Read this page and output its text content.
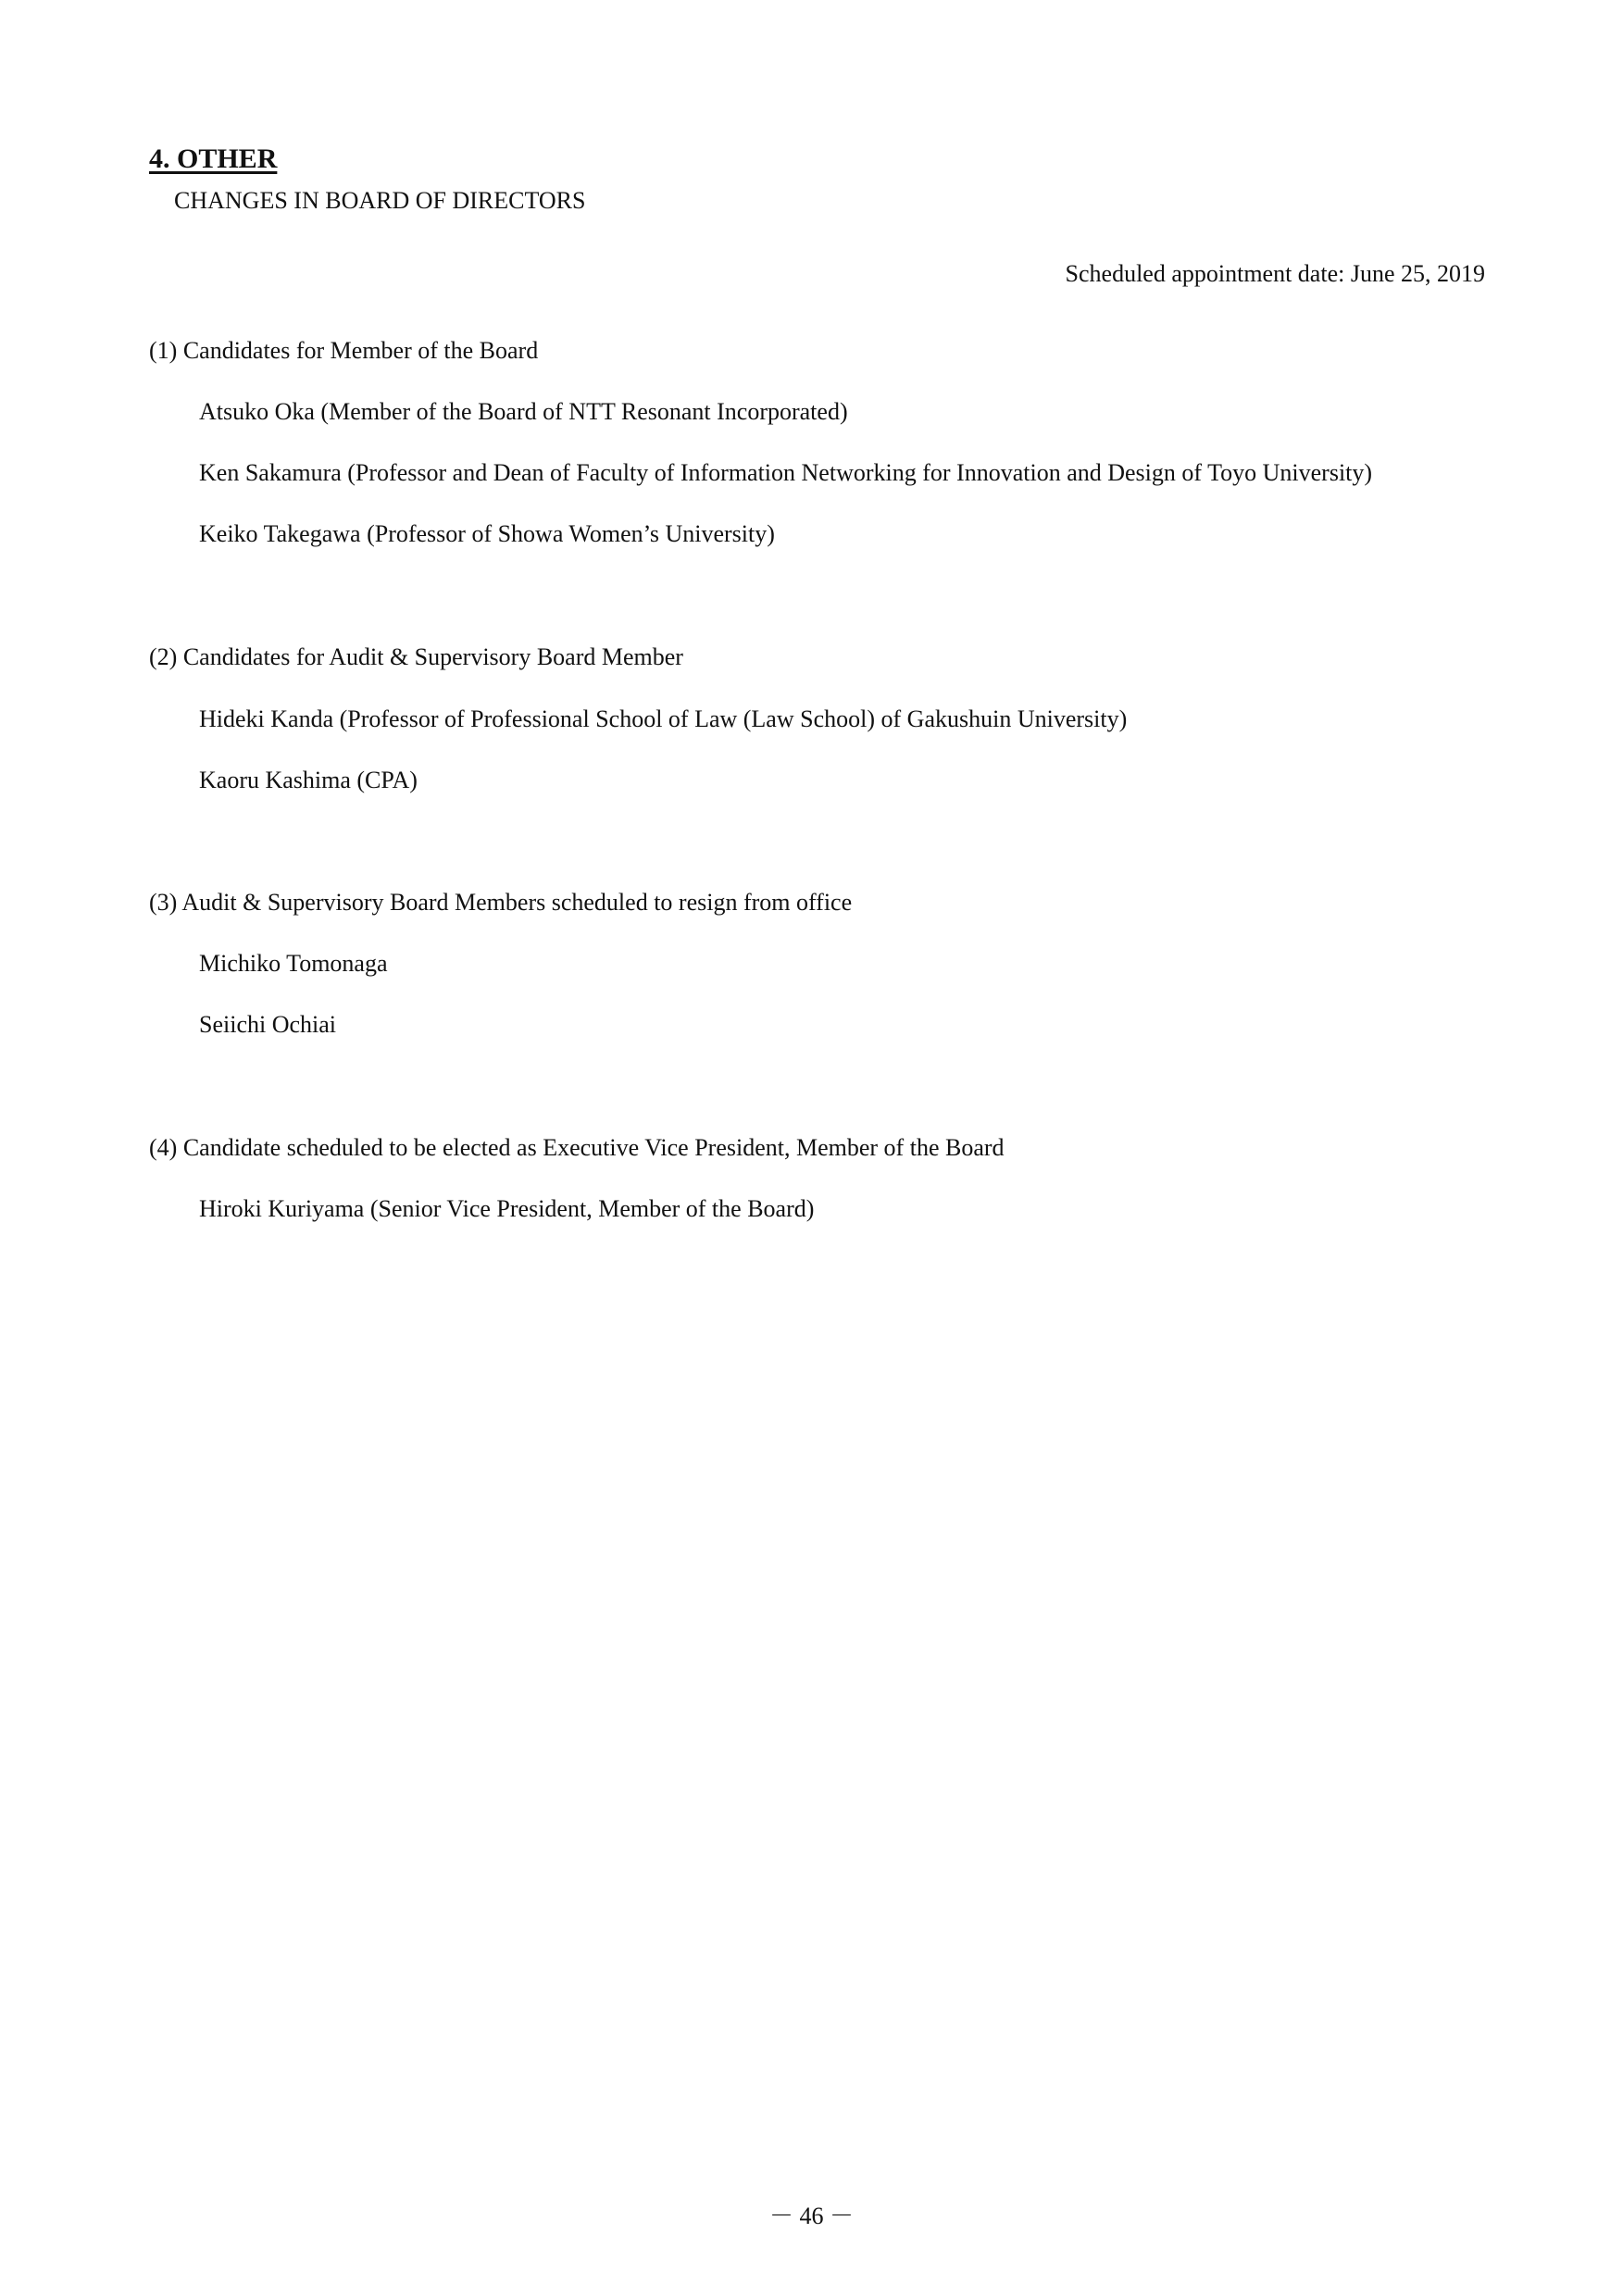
4. OTHER
CHANGES IN BOARD OF DIRECTORS
Scheduled appointment date: June 25, 2019
(1) Candidates for Member of the Board
Atsuko Oka (Member of the Board of NTT Resonant Incorporated)
Ken Sakamura (Professor and Dean of Faculty of Information Networking for Innovation and Design of Toyo University)
Keiko Takegawa (Professor of Showa Women’s University)
(2) Candidates for Audit & Supervisory Board Member
Hideki Kanda (Professor of Professional School of Law (Law School) of Gakushuin University)
Kaoru Kashima (CPA)
(3) Audit & Supervisory Board Members scheduled to resign from office
Michiko Tomonaga
Seiichi Ochiai
(4) Candidate scheduled to be elected as Executive Vice President, Member of the Board
Hiroki Kuriyama (Senior Vice President, Member of the Board)
－ 46 －
